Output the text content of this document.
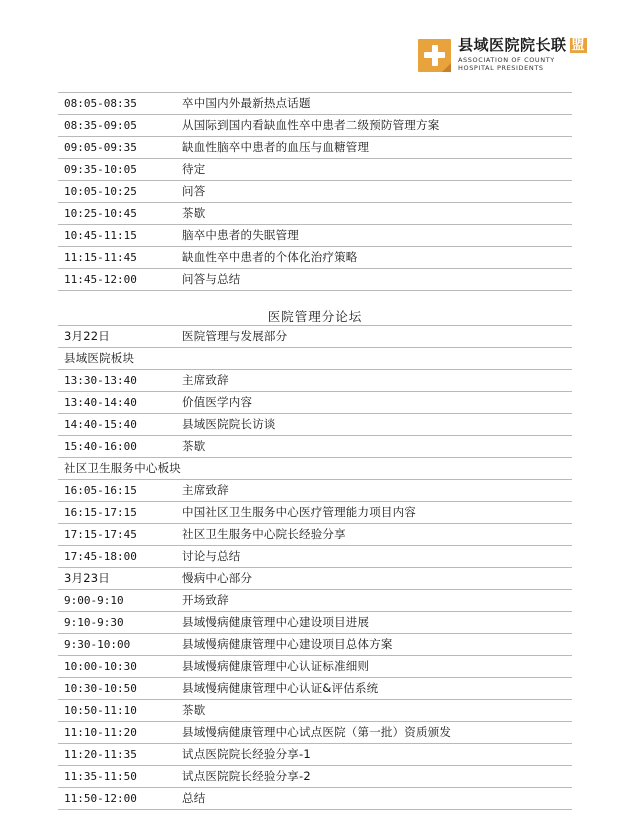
县域医院院长联 盟
ASSOCIATION OF COUNTY
HOSPITAL PRESIDENTS
08:05-08:35	卒中国内外最新热点话题
08:35-09:05	从国际到国内看缺血性卒中患者二级预防管理方案
09:05-09:35	缺血性脑卒中患者的血压与血糖管理
09:35-10:05	待定
10:05-10:25	问答
10:25-10:45	茶歇
10:45-11:15	脑卒中患者的失眠管理
11:15-11:45	缺血性卒中患者的个体化治疗策略
11:45-12:00	问答与总结
医院管理分论坛
3月22日	医院管理与发展部分
县域医院板块	
13:30-13:40	主席致辞
13:40-14:40	价值医学内容
14:40-15:40	县域医院院长访谈
15:40-16:00	茶歇
社区卫生服务中心板块	
16:05-16:15	主席致辞
16:15-17:15	中国社区卫生服务中心医疗管理能力项目内容
17:15-17:45	社区卫生服务中心院长经验分享
17:45-18:00	讨论与总结
3月23日	慢病中心部分
9:00-9:10	开场致辞
9:10-9:30	县域慢病健康管理中心建设项目进展
9:30-10:00	县域慢病健康管理中心建设项目总体方案
10:00-10:30	县域慢病健康管理中心认证标准细则
10:30-10:50	县域慢病健康管理中心认证&评估系统
10:50-11:10	茶歇
11:10-11:20	县域慢病健康管理中心试点医院（第一批）资质颁发
11:20-11:35	试点医院院长经验分享-1
11:35-11:50	试点医院院长经验分享-2
11:50-12:00	总结
